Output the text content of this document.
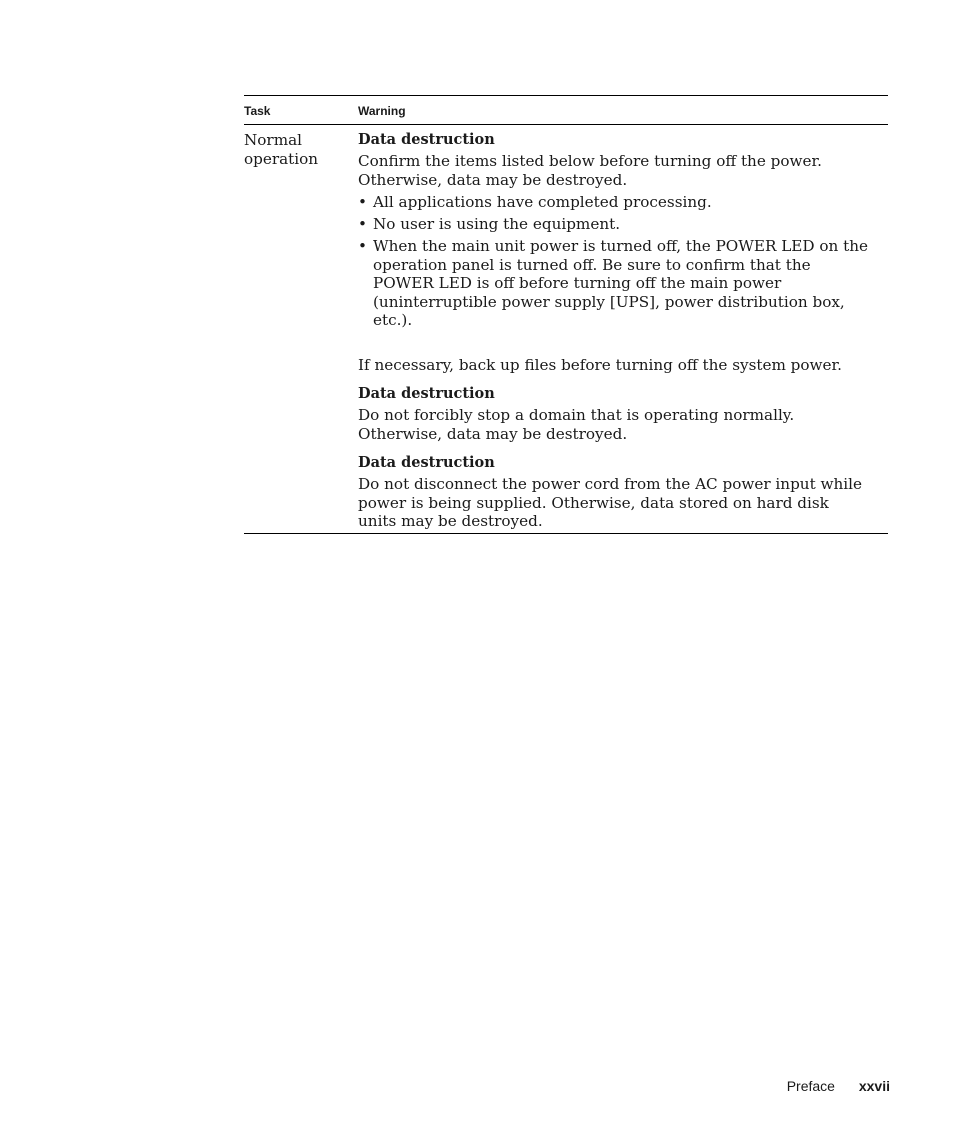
Task	Warning
Normal operation
Data destruction
Confirm the items listed below before turning off the power. Otherwise, data may be destroyed.
• All applications have completed processing.
• No user is using the equipment.
• When the main unit power is turned off, the POWER LED on the operation panel is turned off. Be sure to confirm that the POWER LED is off before turning off the main power (uninterruptible power supply [UPS], power distribution box, etc.).
If necessary, back up files before turning off the system power.
Data destruction
Do not forcibly stop a domain that is operating normally. Otherwise, data may be destroyed.
Data destruction
Do not disconnect the power cord from the AC power input while power is being supplied. Otherwise, data stored on hard disk units may be destroyed.
Preface xxvii
